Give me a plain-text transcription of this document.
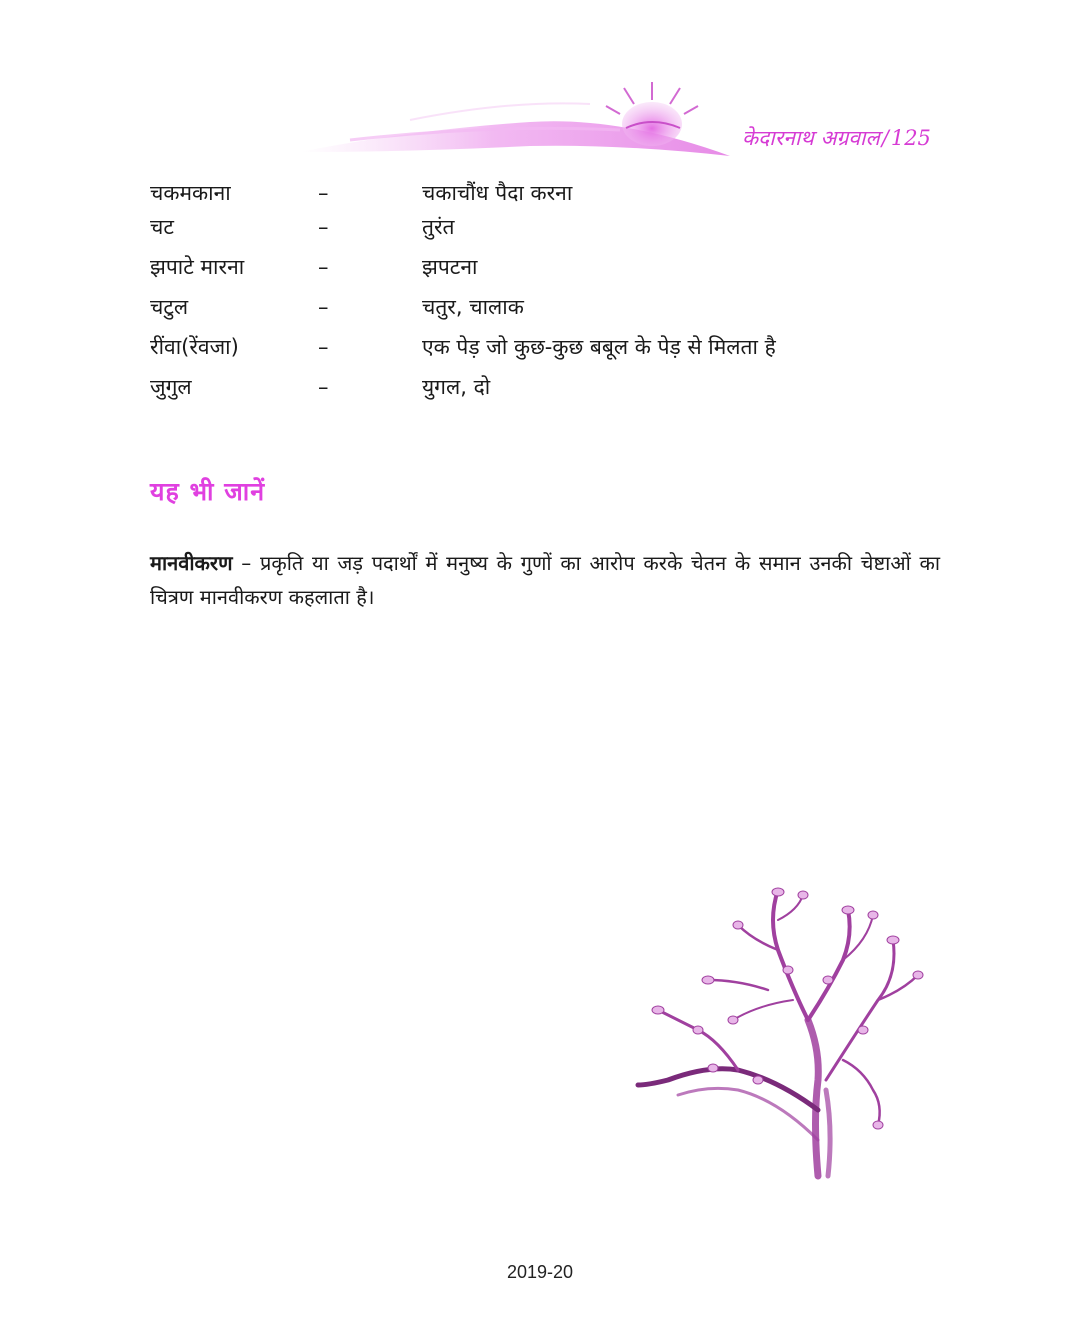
केदारनाथ अग्रवाल/125
चकमकाना	–	चकाचौंध पैदा करना
चट	–	तुरंत
झपाटे मारना	–	झपटना
चटुल	–	चतुर, चालाक
रींवा(रेंवजा)	–	एक पेड़ जो कुछ-कुछ बबूल के पेड़ से मिलता है
जुगुल	–	युगल, दो
यह भी जानें

मानवीकरण – प्रकृति या जड़ पदार्थों में मनुष्य के गुणों का आरोप करके चेतन के समान उनकी चेष्टाओं का चित्रण मानवीकरण कहलाता है।

2019-20
